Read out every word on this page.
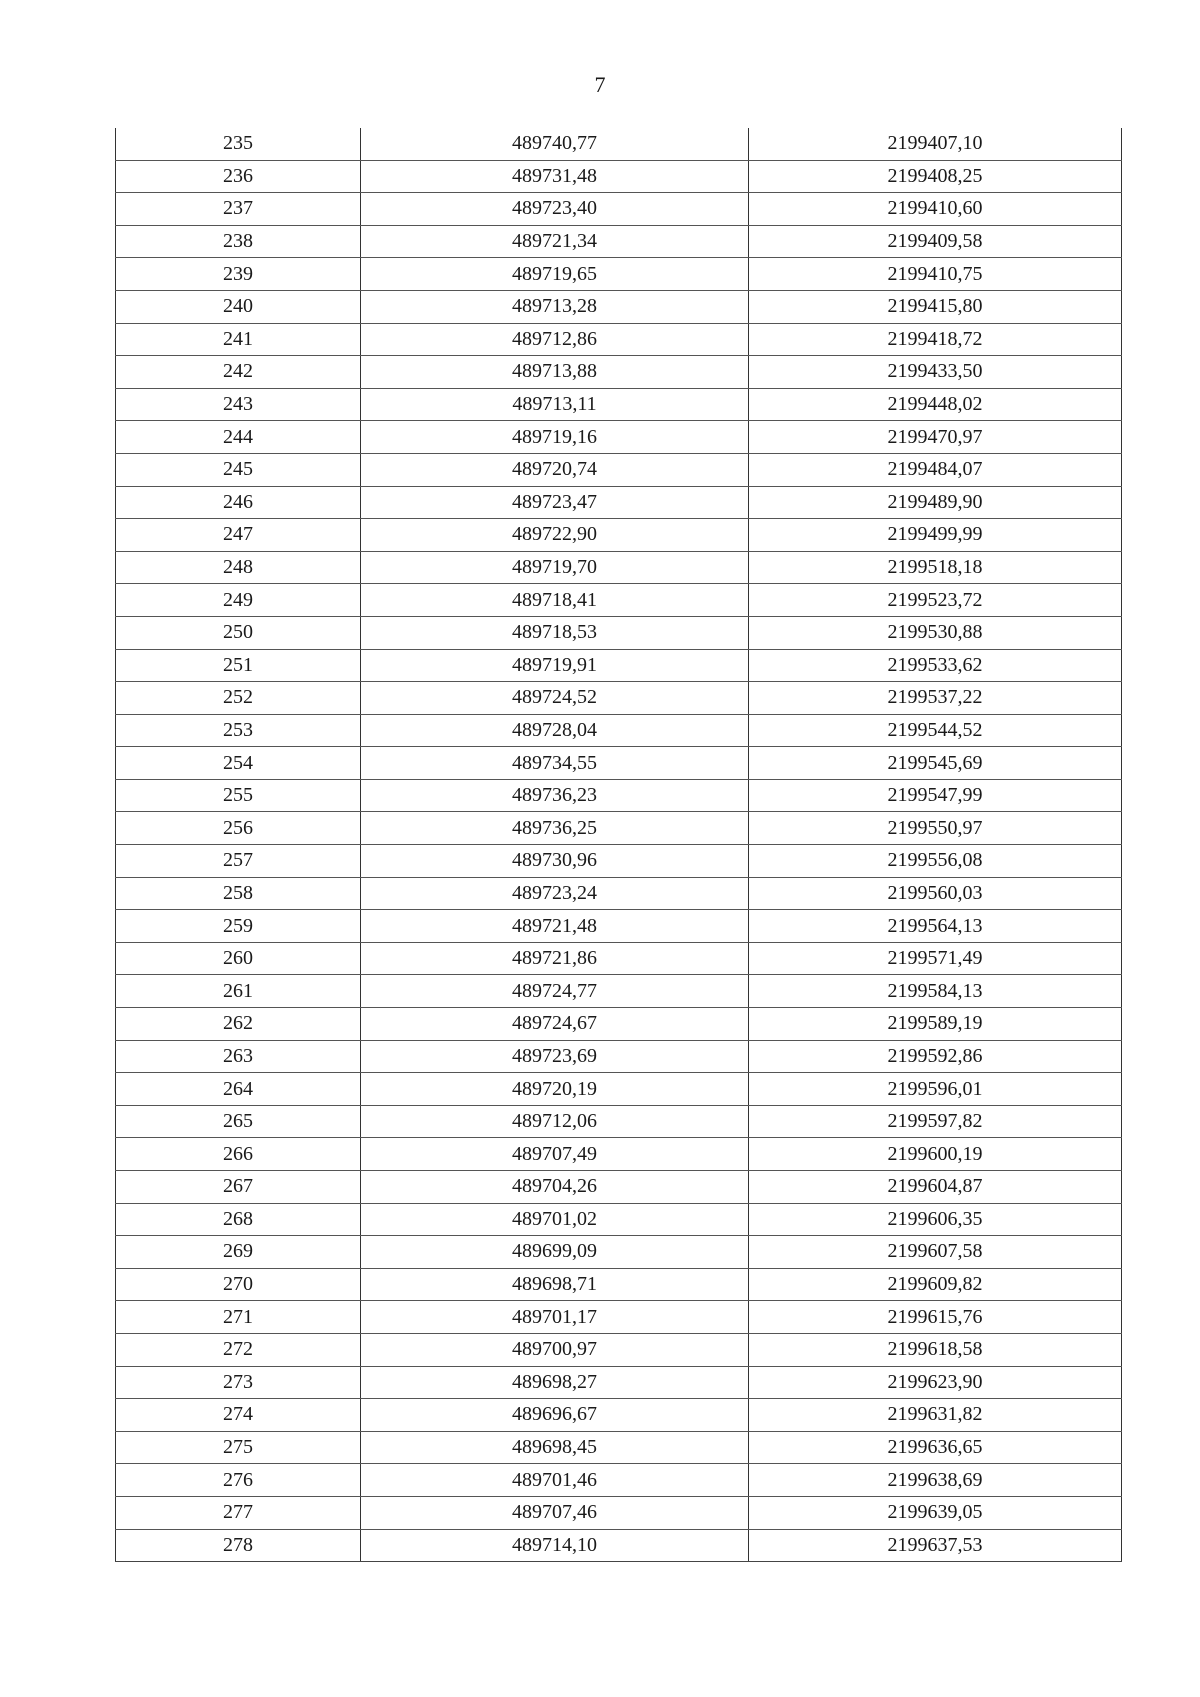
7
235	489740,77	2199407,10
236	489731,48	2199408,25
237	489723,40	2199410,60
238	489721,34	2199409,58
239	489719,65	2199410,75
240	489713,28	2199415,80
241	489712,86	2199418,72
242	489713,88	2199433,50
243	489713,11	2199448,02
244	489719,16	2199470,97
245	489720,74	2199484,07
246	489723,47	2199489,90
247	489722,90	2199499,99
248	489719,70	2199518,18
249	489718,41	2199523,72
250	489718,53	2199530,88
251	489719,91	2199533,62
252	489724,52	2199537,22
253	489728,04	2199544,52
254	489734,55	2199545,69
255	489736,23	2199547,99
256	489736,25	2199550,97
257	489730,96	2199556,08
258	489723,24	2199560,03
259	489721,48	2199564,13
260	489721,86	2199571,49
261	489724,77	2199584,13
262	489724,67	2199589,19
263	489723,69	2199592,86
264	489720,19	2199596,01
265	489712,06	2199597,82
266	489707,49	2199600,19
267	489704,26	2199604,87
268	489701,02	2199606,35
269	489699,09	2199607,58
270	489698,71	2199609,82
271	489701,17	2199615,76
272	489700,97	2199618,58
273	489698,27	2199623,90
274	489696,67	2199631,82
275	489698,45	2199636,65
276	489701,46	2199638,69
277	489707,46	2199639,05
278	489714,10	2199637,53
